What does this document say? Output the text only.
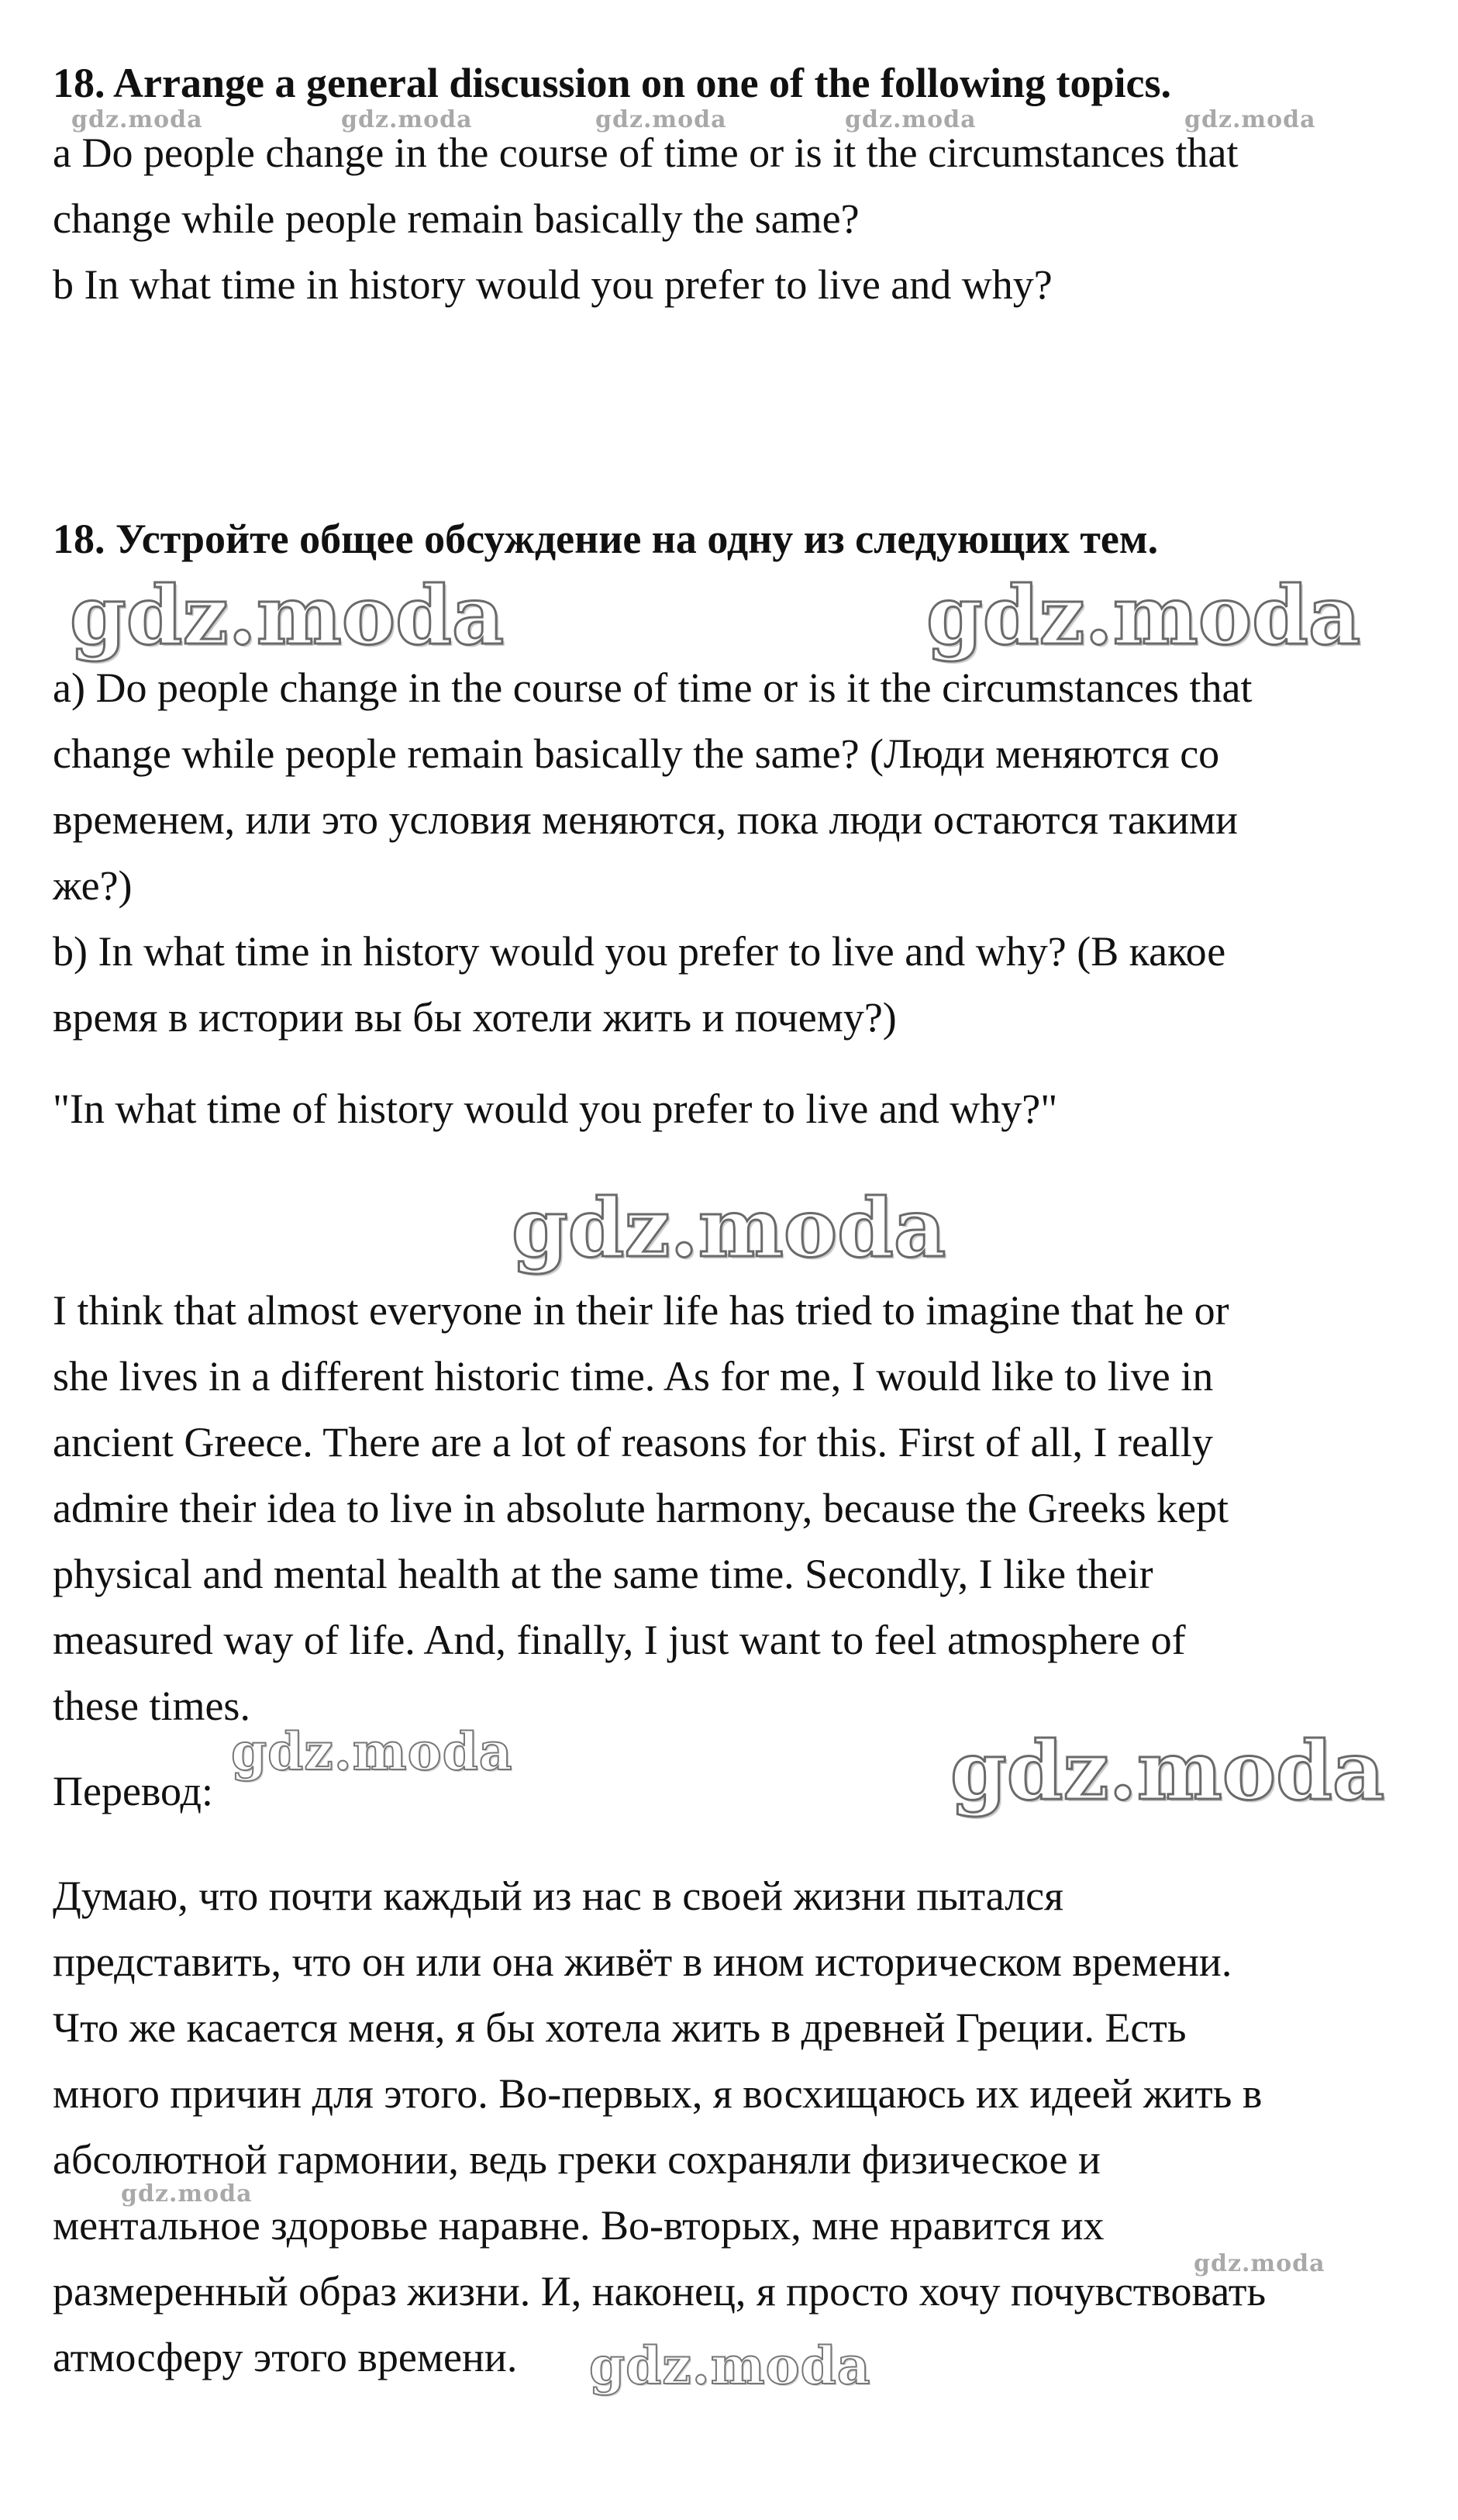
18. Arrange a general discussion on one of the following topics.
a Do people change in the course of time or is it the circumstances that
change while people remain basically the same?
b In what time in history would you prefer to live and why?
18. Устройте общее обсуждение на одну из следующих тем.
a) Do people change in the course of time or is it the circumstances that
change while people remain basically the same? (Люди меняются со
временем, или это условия меняются, пока люди остаются такими
же?)
b) In what time in history would you prefer to live and why? (В какое
время в истории вы бы хотели жить и почему?)
"In what time of history would you prefer to live and why?"
I think that almost everyone in their life has tried to imagine that he or
she lives in a different historic time. As for me, I would like to live in
ancient Greece. There are a lot of reasons for this. First of all, I really
admire their idea to live in absolute harmony, because the Greeks kept
physical and mental health at the same time. Secondly, I like their
measured way of life. And, finally, I just want to feel atmosphere of
these times.
Перевод:
Думаю, что почти каждый из нас в своей жизни пытался
представить, что он или она живёт в ином историческом времени.
Что же касается меня, я бы хотела жить в древней Греции. Есть
много причин для этого. Во-первых, я восхищаюсь их идеей жить в
абсолютной гармонии, ведь греки сохраняли физическое и
ментальное здоровье наравне. Во-вторых, мне нравится их
размеренный образ жизни. И, наконец, я просто хочу почувствовать
атмосферу этого времени.
gdz.moda	gdz.moda	gdz.moda	gdz.moda	gdz.moda
gdz.moda	gdz.moda
gdz.moda
gdz.moda
gdz.moda
gdz.moda
gdz.moda
gdz.moda
